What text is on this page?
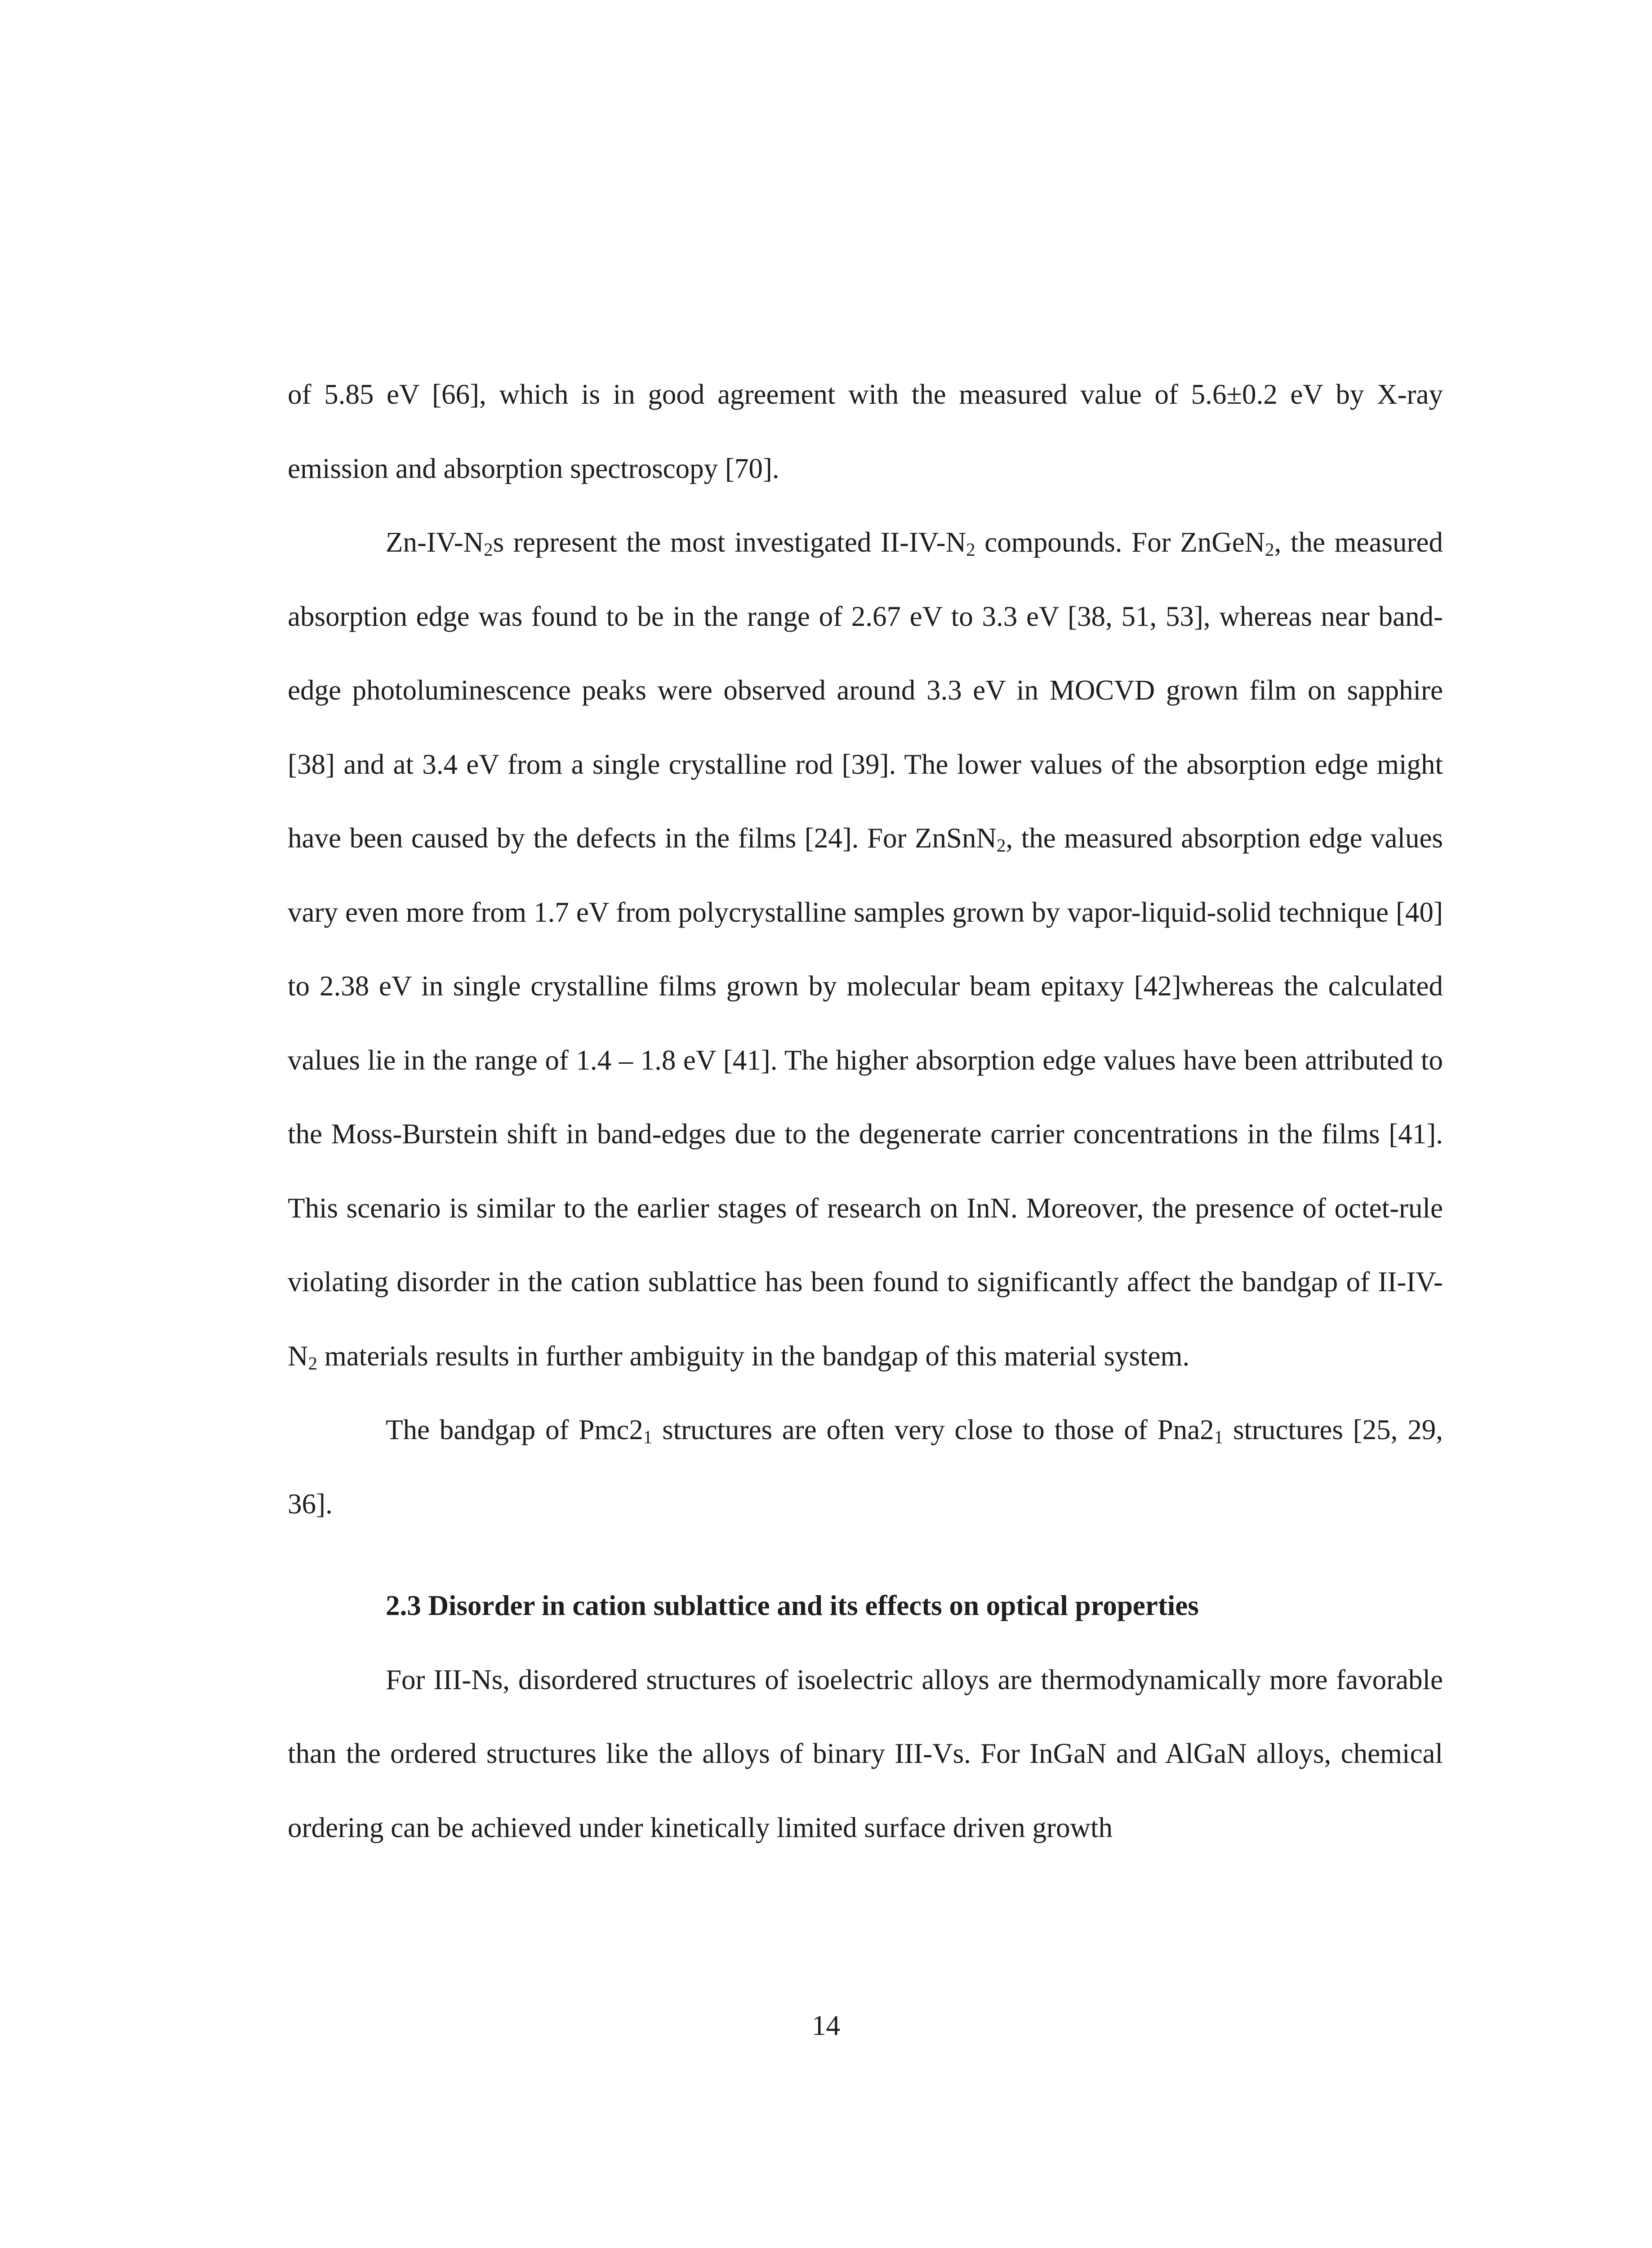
of 5.85 eV [66], which is in good agreement with the measured value of 5.6±0.2 eV by X-ray emission and absorption spectroscopy [70].

$Zn-IV-N_2s$ represent the most investigated $II-IV-N_2$ compounds. For ZnGeN$_2$, the measured absorption edge was found to be in the range of 2.67 eV to 3.3 eV [38, 51, 53], whereas near band-edge photoluminescence peaks were observed around 3.3 eV in MOCVD grown film on sapphire [38] and at 3.4 eV from a single crystalline rod [39]. The lower values of the absorption edge might have been caused by the defects in the films [24]. For ZnSnN$_2$, the measured absorption edge values vary even more from 1.7 eV from polycrystalline samples grown by vapor-liquid-solid technique [40] to 2.38 eV in single crystalline films grown by molecular beam epitaxy [42]whereas the calculated values lie in the range of 1.4 – 1.8 eV [41]. The higher absorption edge values have been attributed to the Moss-Burstein shift in band-edges due to the degenerate carrier concentrations in the films [41]. This scenario is similar to the earlier stages of research on InN. Moreover, the presence of octet-rule violating disorder in the cation sublattice has been found to significantly affect the bandgap of $II-IV-N_2$ materials results in further ambiguity in the bandgap of this material system.

The bandgap of $Pmc2_1$ structures are often very close to those of $Pna2_1$ structures [25, 29, 36].

2.3 Disorder in cation sublattice and its effects on optical properties

For III-Ns, disordered structures of isoelectric alloys are thermodynamically more favorable than the ordered structures like the alloys of binary III-Vs. For InGaN and AlGaN alloys, chemical ordering can be achieved under kinetically limited surface driven growth

14
